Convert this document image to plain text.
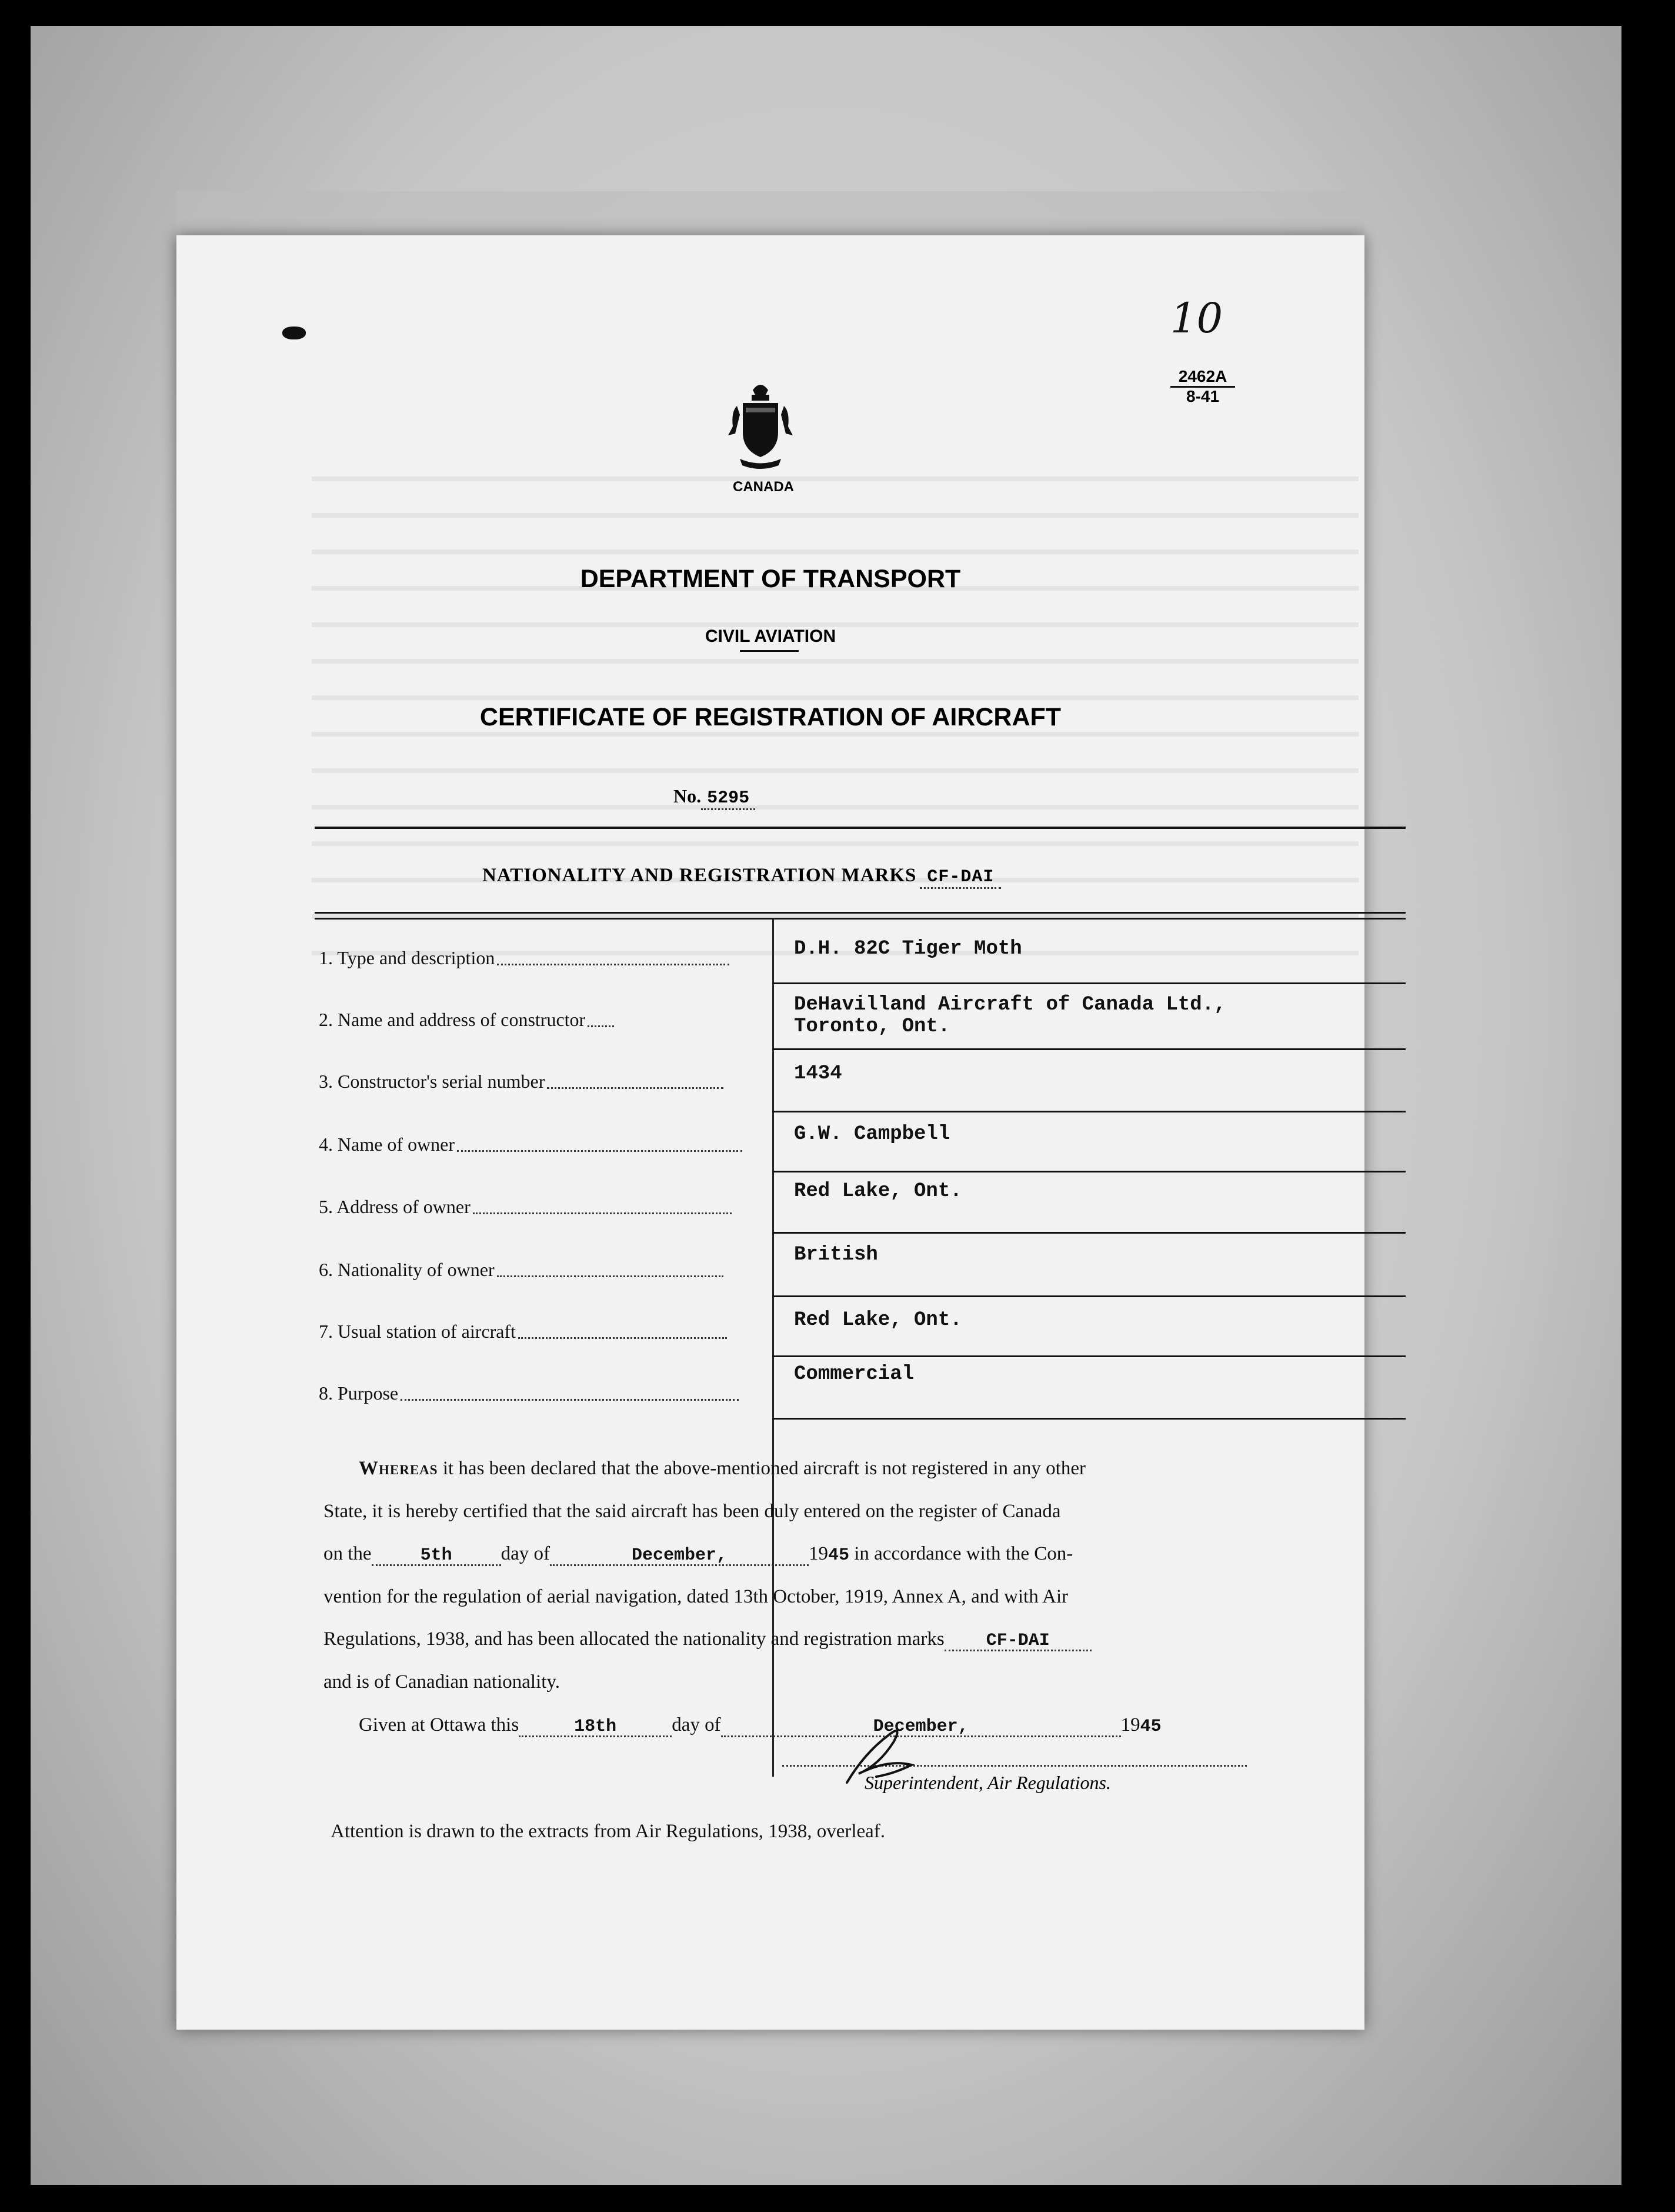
10
2462A
8-41
CANADA
DEPARTMENT OF TRANSPORT
CIVIL AVIATION
CERTIFICATE OF REGISTRATION OF AIRCRAFT
No. 5295
NATIONALITY AND REGISTRATION MARKS CF-DAI
1. Type and description	D.H. 82C Tiger Moth
2. Name and address of constructor
DeHavilland Aircraft of Canada Ltd.,
Toronto, Ont.
3. Constructor's serial number	1434
4. Name of owner	G.W. Campbell
5. Address of owner
Red Lake, Ont.
6. Nationality of owner
British
7. Usual station of aircraft	Red Lake, Ont.
8. Purpose
Commercial
Whereas it has been declared that the above-mentioned aircraft is not registered in any other
State, it is hereby certified that the said aircraft has been duly entered on the register of Canada
on the	5th	day of	December,	1945 in accordance with the Con-
vention for the regulation of aerial navigation, dated 13th October, 1919, Annex A, and with Air
Regulations, 1938, and has been allocated the nationality and registration marks CF-DAI
and is of Canadian nationality.
Given at Ottawa this	18th	day of	December,	1945
Superintendent, Air Regulations.
Attention is drawn to the extracts from Air Regulations, 1938, overleaf.
